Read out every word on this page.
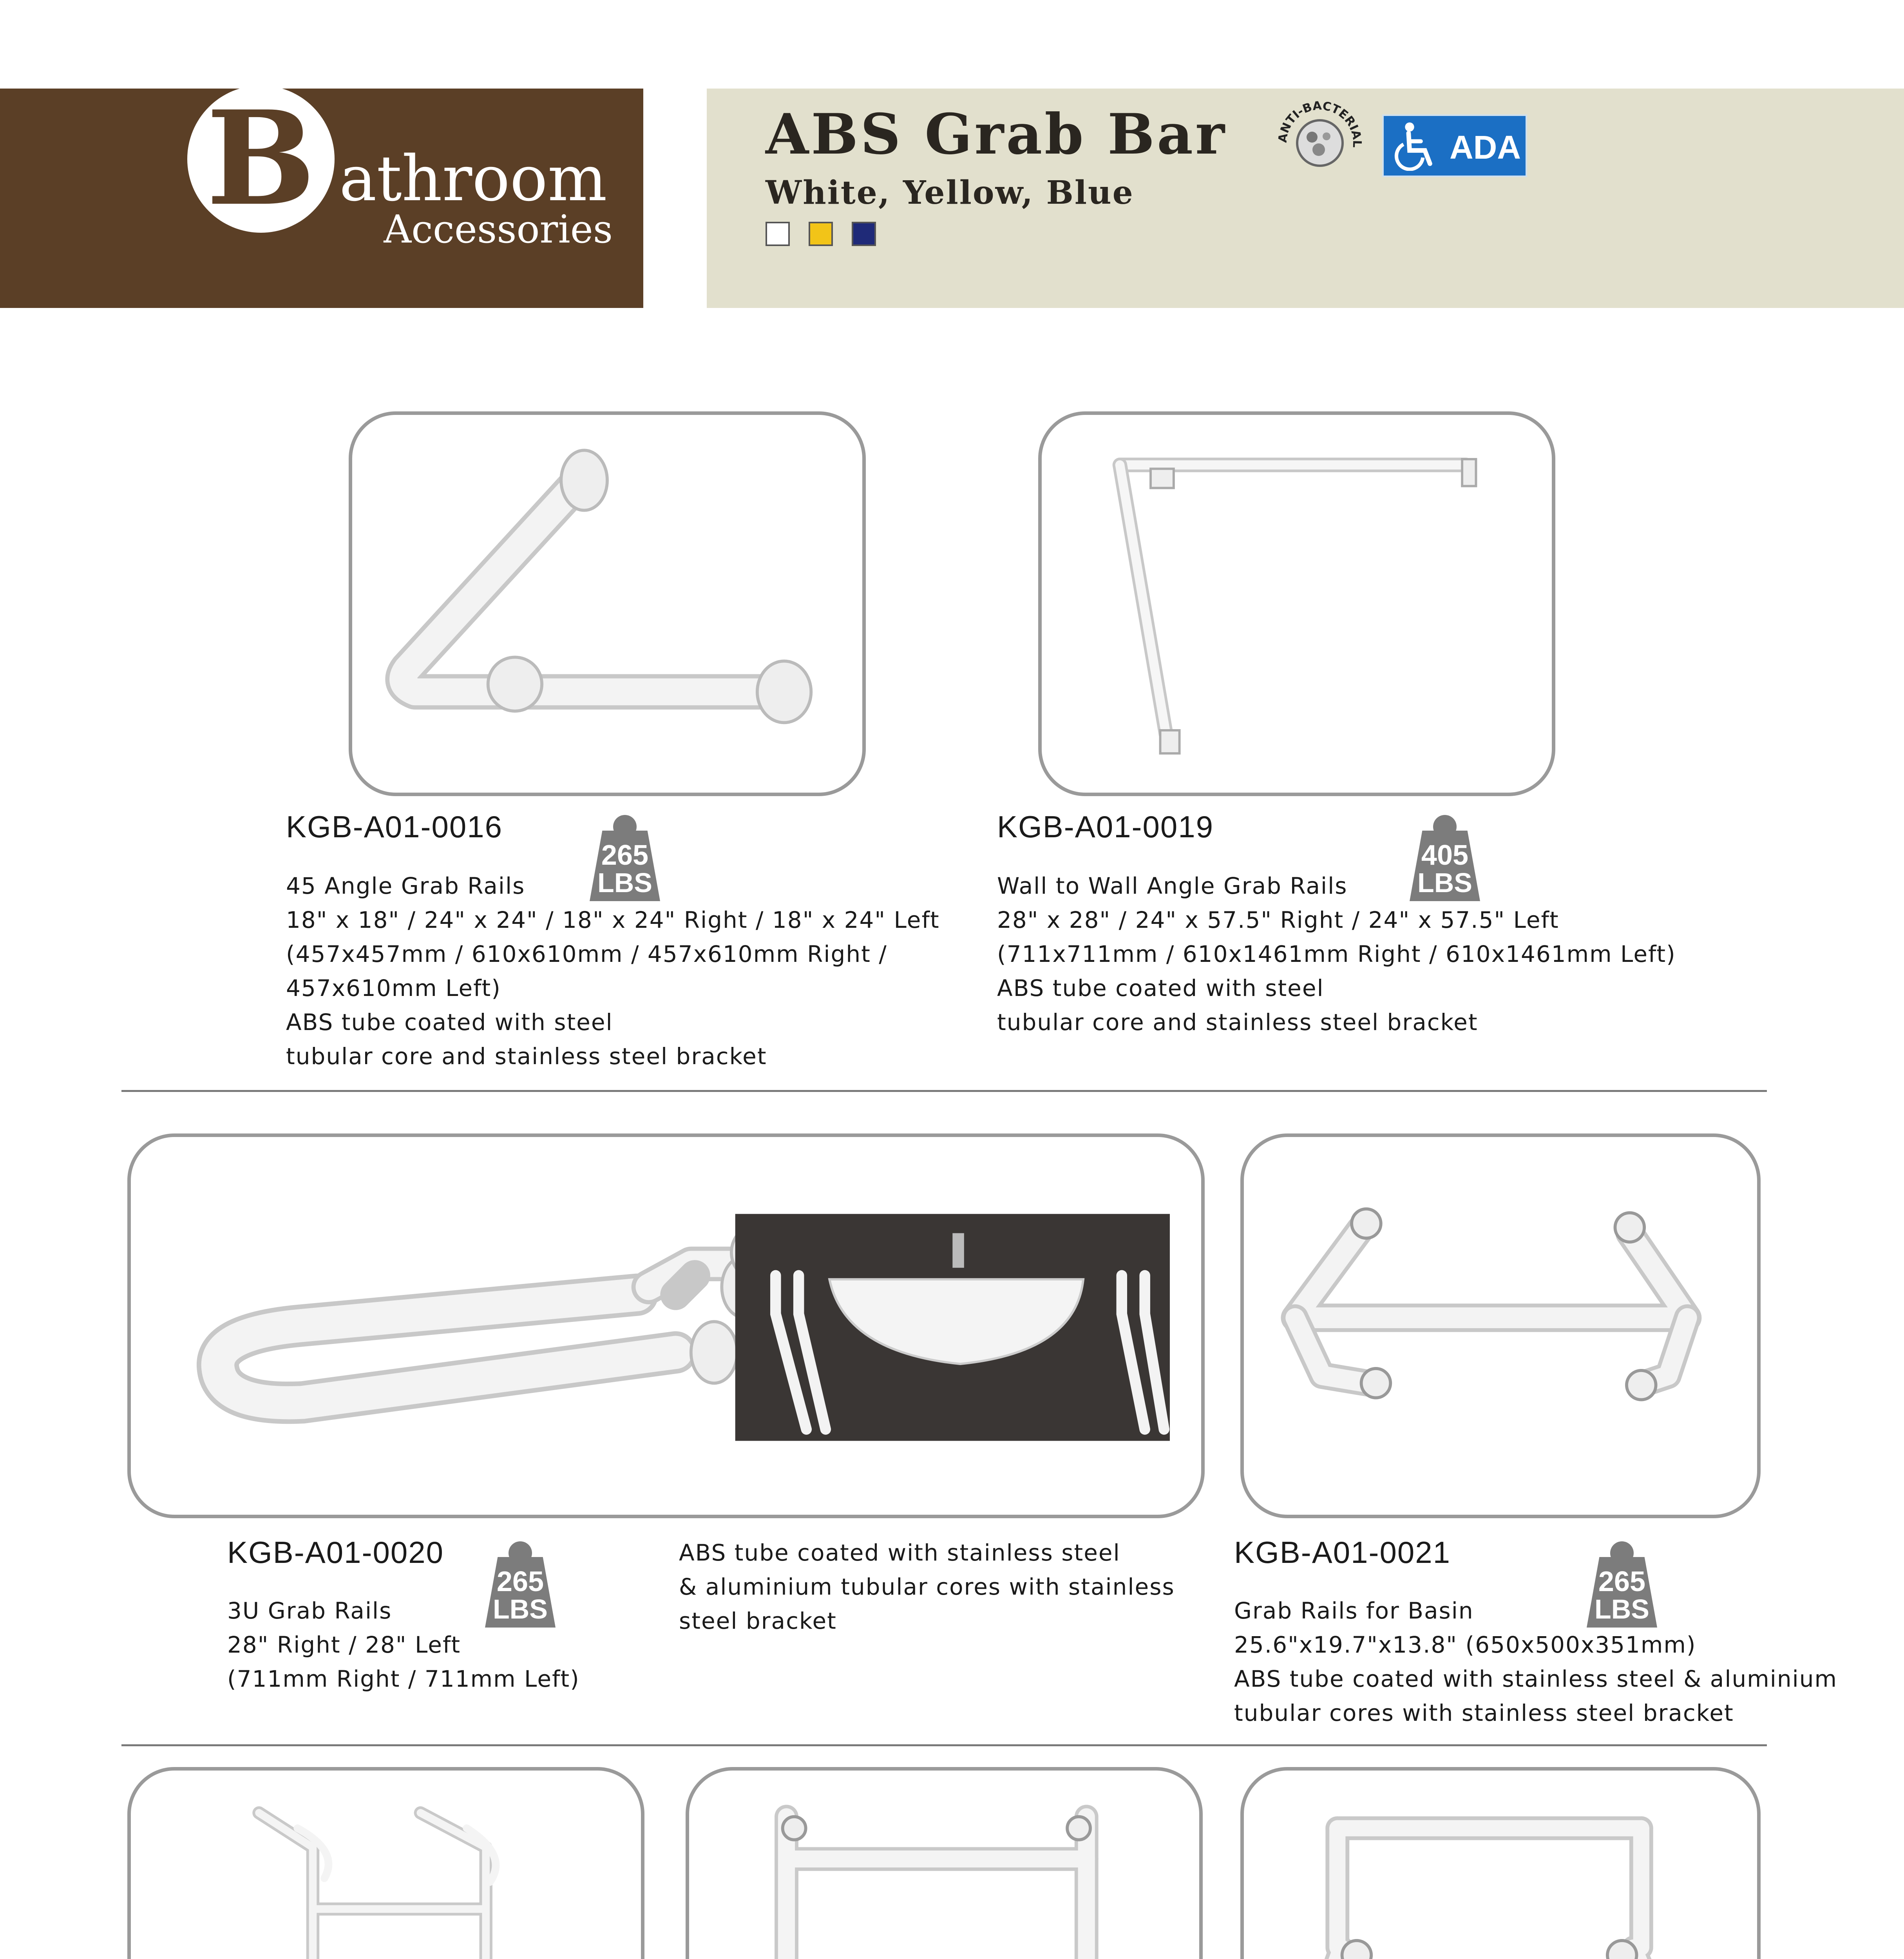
B athroom
Accessories
ABS Grab Bar
White, Yellow, Blue
ANTI-BACTERIAL	ADA
KGB-A01-0016
265
LBS
45 Angle Grab Rails
18" x 18" / 24" x 24" / 18" x 24" Right / 18" x 24" Left
(457x457mm / 610x610mm / 457x610mm Right /
457x610mm Left)
ABS tube coated with steel
tubular core and stainless steel bracket
KGB-A01-0019
405
LBS
Wall to Wall Angle Grab Rails
28" x 28" / 24" x 57.5" Right / 24" x 57.5" Left
(711x711mm / 610x1461mm Right / 610x1461mm Left)
ABS tube coated with steel
tubular core and stainless steel bracket
KGB-A01-0020
265
LBS
3U Grab Rails
28" Right / 28" Left
(711mm Right / 711mm Left)
ABS tube coated with stainless steel
& aluminium tubular cores with stainless
steel bracket
KGB-A01-0021
265
LBS
Grab Rails for Basin
25.6"x19.7"x13.8" (650x500x351mm)
ABS tube coated with stainless steel & aluminium
tubular cores with stainless steel bracket
